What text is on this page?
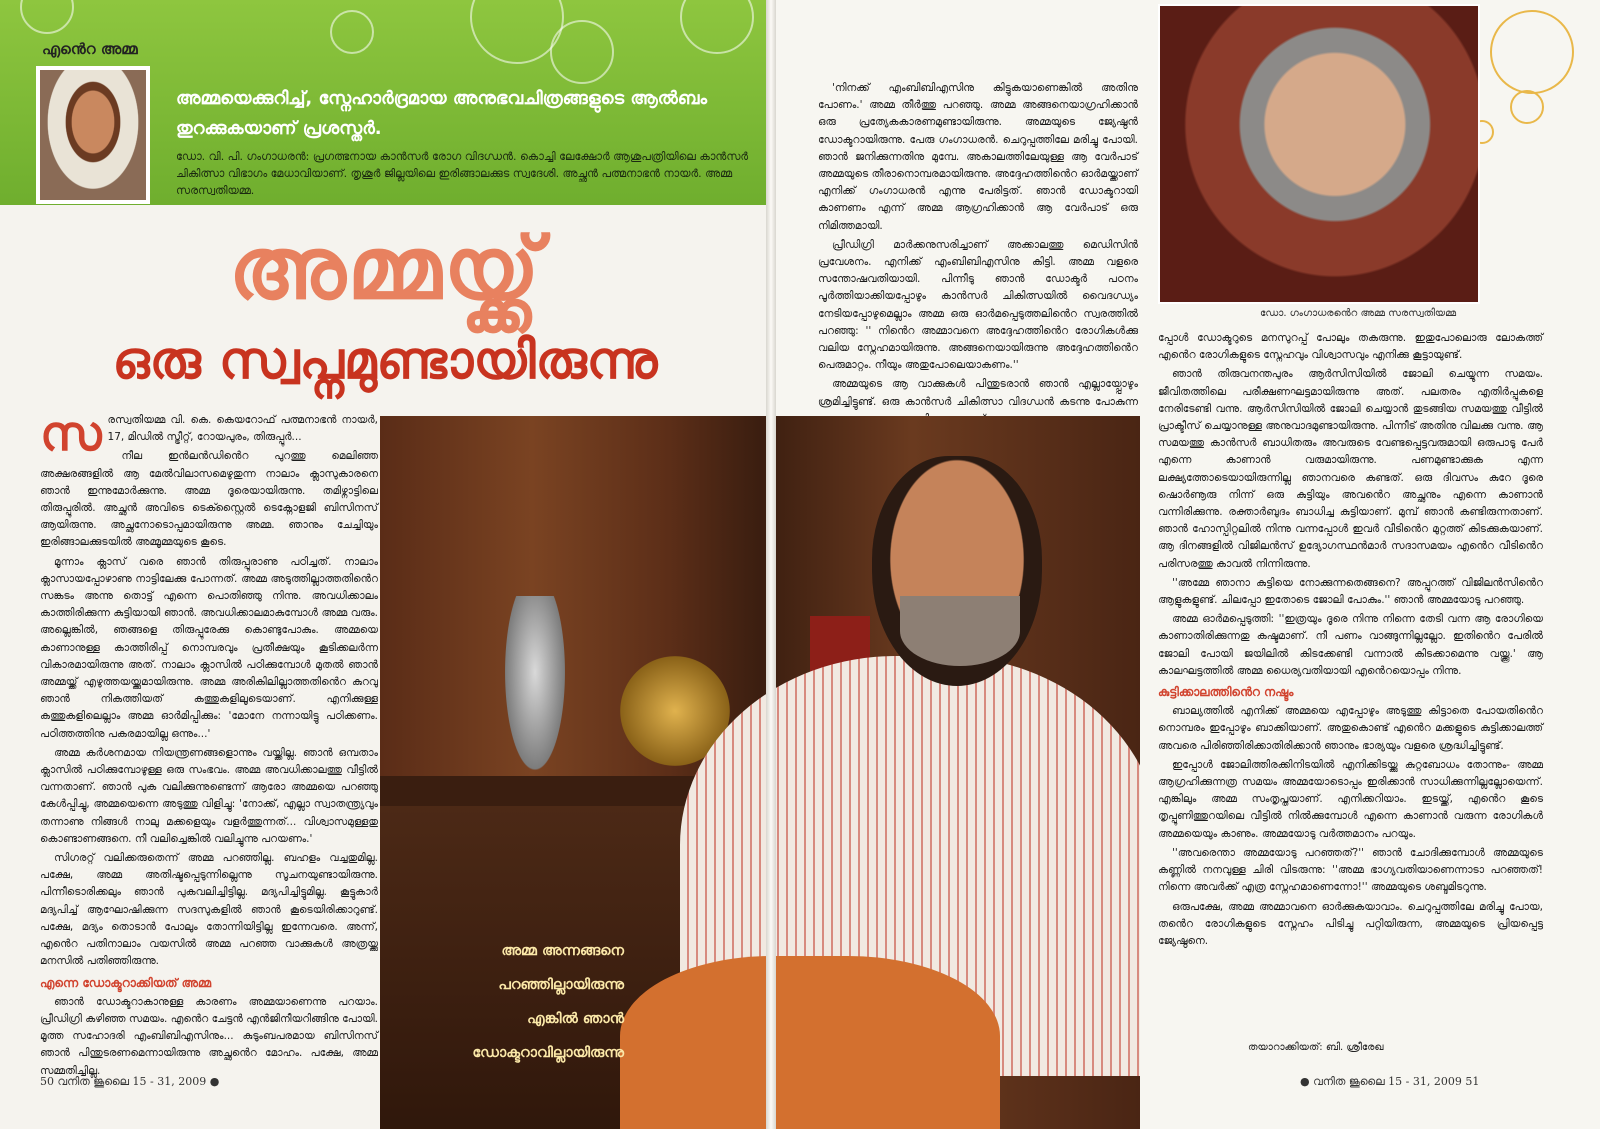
എൻെറ അമ്മ
അമ്മയെക്കുറിച്ച്, സ്നേഹാർദ്രമായ അനുഭവചിത്രങ്ങളുടെ ആൽബം തുറക്കുകയാണ് പ്രശസ്തർ.
ഡോ. വി. പി. ഗംഗാധരൻ: പ്രഗത്ഭനായ കാൻസർ രോഗ വിദഗ്ധൻ. കൊച്ചി ലേക്ഷോർ ആശുപത്രിയിലെ കാൻസർ ചികിത്സാ വിഭാഗം മേധാവിയാണ്. തൃശൂർ ജില്ലയിലെ ഇരിങ്ങാലക്കുട സ്വദേശി. അച്ഛൻ പത്മനാഭൻ നായർ. അമ്മ സരസ്വതിയമ്മ.
അമ്മയ്ക്ക്
ഒരു സ്വപ്നമുണ്ടായിരുന്നു
സ രസ്വതിയമ്മ വി. കെ. കെയറോഫ് പത്മനാഭൻ നായർ, 17, മിഡിൽ സ്ട്രീറ്റ്, റോയപുരം, തിരുപ്പൂർ...

നീല ഇൻലൻഡിൻെറ പുറത്തു മെലിഞ്ഞ അക്ഷരങ്ങളിൽ ആ മേൽവിലാസമെഴുതുന്ന നാലാം ക്ലാസുകാരനെ ഞാൻ ഇന്നുമോർക്കുന്നു. അമ്മ ദൂരെയായിരുന്നു. തമിഴ്നാട്ടിലെ തിരുപ്പൂരിൽ. അച്ഛൻ അവിടെ ടെക്സ്റ്റൈൽ ടെക്നോളജി ബിസിനസ് ആയിരുന്നു. അച്ഛനോടൊപ്പമായിരുന്നു അമ്മ. ഞാനും ചേച്ചിയും ഇരിങ്ങാലക്കുടയിൽ അമ്മൂമ്മയുടെ കൂടെ.

മൂന്നാം ക്ലാസ് വരെ ഞാൻ തിരുപ്പൂരാണു പഠിച്ചത്. നാലാം ക്ലാസായപ്പോഴാണു നാട്ടിലേക്കു പോന്നത്. അമ്മ അടുത്തില്ലാത്തതിൻെറ സങ്കടം അന്നു തൊട്ട് എന്നെ പൊതിഞ്ഞു നിന്നു. അവധിക്കാലം കാത്തിരിക്കുന്ന കുട്ടിയായി ഞാൻ. അവധിക്കാലമാകുമ്പോൾ അമ്മ വരും. അല്ലെങ്കിൽ, ഞങ്ങളെ തിരുപ്പൂരേക്കു കൊണ്ടുപോകും. അമ്മയെ കാണാനുള്ള കാത്തിരിപ്പ് നൊമ്പരവും പ്രതീക്ഷയും കൂടിക്കലർന്ന വികാരമായിരുന്നു അത്. നാലാം ക്ലാസിൽ പഠിക്കുമ്പോൾ മുതൽ ഞാൻ അമ്മയ്ക്ക് എഴുത്തയയ്ക്കുമായിരുന്നു. അമ്മ അരികിലില്ലാത്തതിൻെറ കുറവു ഞാൻ നികത്തിയത് കത്തുകളിലൂടെയാണ്. എനിക്കുള്ള കത്തുകളിലെല്ലാം അമ്മ ഓർമിപ്പിക്കും: 'മോനേ നന്നായിട്ടു പഠിക്കണം. പഠിത്തത്തിനു പകരമായില്ല ഒന്നും...'

അമ്മ കർശനമായ നിയന്ത്രണങ്ങളൊന്നും വയ്ക്കില്ല. ഞാൻ ഒമ്പതാം ക്ലാസിൽ പഠിക്കുമ്പോഴുള്ള ഒരു സംഭവം. അമ്മ അവധിക്കാലത്തു വീട്ടിൽ വന്നതാണ്. ഞാൻ പുക വലിക്കുന്നുണ്ടെന്ന് ആരോ അമ്മയെ പറഞ്ഞു കേൾപ്പിച്ചു, അമ്മയെന്നെ അടുത്തു വിളിച്ചു: 'നോക്ക്, എല്ലാ സ്വാതന്ത്ര്യവും തന്നാണു നിങ്ങൾ നാലു മക്കളെയും വളർത്തുന്നത്... വിശ്വാസമുള്ളതു കൊണ്ടാണങ്ങനെ. നീ വലിച്ചെങ്കിൽ വലിച്ചുന്നു പറയണം.'

സിഗരറ്റ് വലിക്കരുതെന്ന് അമ്മ പറഞ്ഞില്ല. ബഹളം വച്ചതുമില്ല. പക്ഷേ, അമ്മ അതിഷ്ടപ്പെടുന്നില്ലെന്നു സൂചനയുണ്ടായിരുന്നു. പിന്നീടൊരിക്കലും ഞാൻ പുകവലിച്ചിട്ടില്ല. മദ്യപിച്ചിട്ടുമില്ല. കൂട്ടുകാർ മദ്യപിച്ച് ആഘോഷിക്കുന്ന സദസുകളിൽ ഞാൻ കൂടെയിരിക്കാറുണ്ട്. പക്ഷേ, മദ്യം തൊടാൻ പോലും തോന്നിയിട്ടില്ല ഇന്നേവരെ. അന്ന്, എൻെറ പതിനാലാം വയസിൽ അമ്മ പറഞ്ഞ വാക്കുകൾ അത്രയ്ക്കു മനസിൽ പതിഞ്ഞിരുന്നു.

എന്നെ ഡോക്ടറാക്കിയത് അമ്മ

ഞാൻ ഡോക്ടറാകാനുള്ള കാരണം അമ്മയാണെന്നു പറയാം. പ്രീഡിഗ്രി കഴിഞ്ഞ സമയം. എൻെറ ചേട്ടൻ എൻജിനീയറിങ്ങിനു പോയി. മൂത്ത സഹോദരി എംബിബിഎസിനും... കുടുംബപരമായ ബിസിനസ് ഞാൻ പിന്തുടരണമെന്നായിരുന്നു അച്ഛൻെറ മോഹം. പക്ഷേ, അമ്മ സമ്മതിച്ചില്ല.

50 വനിത ജൂലൈ 15 - 31, 2009 ●
അമ്മ അന്നങ്ങനെ
പറഞ്ഞില്ലായിരുന്നു
എങ്കിൽ ഞാൻ
ഡോക്ടറാവില്ലായിരുന്നു

'നിനക്ക് എംബിബിഎസിനു കിട്ടുകയാണെങ്കിൽ അതിനു പോണം.' അമ്മ തീർത്തു പറഞ്ഞു. അമ്മ അങ്ങനെയാഗ്രഹിക്കാൻ ഒരു പ്രത്യേകകാരണമുണ്ടായിരുന്നു. അമ്മയുടെ ജ്യേഷ്ഠൻ ഡോക്ടറായിരുന്നു. പേരു ഗംഗാധരൻ. ചെറുപ്പത്തിലേ മരിച്ചു പോയി. ഞാൻ ജനിക്കുന്നതിനു മുമ്പേ. അകാലത്തിലേയുള്ള ആ വേർപാട് അമ്മയുടെ തീരാനൊമ്പരമായിരുന്നു. അദ്ദേഹത്തിൻെറ ഓർമയ്ക്കാണ് എനിക്ക് ഗംഗാധരൻ എന്നു പേരിട്ടത്. ഞാൻ ഡോക്ടറായി കാണണം എന്ന് അമ്മ ആഗ്രഹിക്കാൻ ആ വേർപാട് ഒരു നിമിത്തമായി.

പ്രീഡിഗ്രി മാർക്കനുസരിച്ചാണ് അക്കാലത്തു മെഡിസിൻ പ്രവേശനം. എനിക്ക് എംബിബിഎസിനു കിട്ടി. അമ്മ വളരെ സന്തോഷവതിയായി. പിന്നീടു ഞാൻ ഡോക്ടർ പഠനം പൂർത്തിയാക്കിയപ്പോഴും കാൻസർ ചികിത്സയിൽ വൈദഗ്ധ്യം നേടിയപ്പോഴുമെല്ലാം അമ്മ ഒരു ഓർമപ്പെടുത്തലിൻെറ സ്വരത്തിൽ പറഞ്ഞു: '' നിൻെറ അമ്മാവനെ അദ്ദേഹത്തിൻെറ രോഗികൾക്കു വലിയ സ്നേഹമായിരുന്നു. അങ്ങനെയായിരുന്നു അദ്ദേഹത്തിൻെറ പെരുമാറ്റം. നീയും അതുപോലെയാകണം.''

അമ്മയുടെ ആ വാക്കുകൾ പിന്തുടരാൻ ഞാൻ എല്ലായ്പ്പോഴും ശ്രമിച്ചിട്ടുണ്ട്. ഒരു കാൻസർ ചികിത്സാ വിദഗ്ധൻ കടന്നു പോകുന്ന

ഡോ. ഗംഗാധരൻെറ അമ്മ സരസ്വതിയമ്മ

പ്പോൾ ഡോക്ടറുടെ മനസുറപ്പ് പോലും തകരുന്നു. ഇതുപോലൊരു ലോകത്ത് എൻെറ രോഗികളുടെ സ്നേഹവും വിശ്വാസവും എനിക്കു കൂട്ടായുണ്ട്.

ഞാൻ തിരുവനന്തപുരം ആർസിസിയിൽ ജോലി ചെയ്യുന്ന സമയം. ജീവിതത്തിലെ പരീക്ഷണഘട്ടമായിരുന്നു അത്. പലതരം എതിർപ്പുകളെ നേരിടേണ്ടി വന്നു. ആർസിസിയിൽ ജോലി ചെയ്യാൻ തുടങ്ങിയ സമയത്തു വീട്ടിൽ പ്രാക്ടീസ് ചെയ്യാനുള്ള അനുവാദമുണ്ടായിരുന്നു. പിന്നീട് അതിനു വിലക്കു വന്നു. ആ സമയത്തു കാൻസർ ബാധിതരും അവരുടെ വേണ്ടപ്പെട്ടവരുമായി ഒരുപാടു പേർ എന്നെ കാണാൻ വരുമായിരുന്നു. പണമുണ്ടാക്കുക എന്ന ലക്ഷ്യത്തോടെയായിരുന്നില്ല ഞാനവരെ കണ്ടത്. ഒരു ദിവസം കുറേ ദൂരെ ഷൊർണൂരു നിന്ന് ഒരു കുട്ടിയും അവൻെറ അച്ഛനും എന്നെ കാണാൻ വന്നിരിക്കുന്നു. രക്താർബുദം ബാധിച്ച കുട്ടിയാണ്. മുമ്പ് ഞാൻ കണ്ടിരുന്നതാണ്. ഞാൻ ഹോസ്പിറ്റലിൽ നിന്നു വന്നപ്പോൾ ഇവർ വീടിൻെറ മുറ്റത്ത് കിടക്കുകയാണ്. ആ ദിനങ്ങളിൽ വിജിലൻസ് ഉദ്യോഗസ്ഥൻമാർ സദാസമയം എൻെറ വീടിൻെറ പരിസരത്തു കാവൽ നിന്നിരുന്നു.

''അമ്മേ ഞാനാ കുട്ടിയെ നോക്കുന്നതെങ്ങനെ? അപ്പുറത്ത് വിജിലൻസിൻെറ ആളുകളുണ്ട്. ചിലപ്പോ ഇതോടെ ജോലി പോകും.'' ഞാൻ അമ്മയോടു പറഞ്ഞു.

അമ്മ ഓർമപ്പെടുത്തി: ''ഇത്രയും ദൂരെ നിന്നു നിന്നെ തേടി വന്ന ആ രോഗിയെ കാണാതിരിക്കുന്നതു കഷ്ടമാണ്. നീ പണം വാങ്ങുന്നില്ലല്ലോ. ഇതിൻെറ പേരിൽ ജോലി പോയി ജയിലിൽ കിടക്കേണ്ടി വന്നാൽ കിടക്കാമെന്നു വയ്ക്കൂ.' ആ കാലഘട്ടത്തിൽ അമ്മ ധൈര്യവതിയായി എൻെറയൊപ്പം നിന്നു.

കുട്ടിക്കാലത്തിൻെറ നഷ്ടം

ബാല്യത്തിൽ എനിക്ക് അമ്മയെ എപ്പോഴും അടുത്തു കിട്ടാതെ പോയതിൻെറ നൊമ്പരം ഇപ്പോഴും ബാക്കിയാണ്. അതുകൊണ്ട് എൻെറ മക്കളുടെ കുട്ടിക്കാലത്ത് അവരെ പിരിഞ്ഞിരിക്കാതിരിക്കാൻ ഞാനും ഭാര്യയും വളരെ ശ്രദ്ധിച്ചിട്ടുണ്ട്.

ഇപ്പോൾ ജോലിത്തിരക്കിനിടയിൽ എനിക്കിടയ്ക്കു കുറ്റബോധം തോന്നും- അമ്മ ആഗ്രഹിക്കുന്നത്ര സമയം അമ്മയോടൊപ്പം ഇരിക്കാൻ സാധിക്കുന്നില്ലല്ലോയെന്ന്. എങ്കിലും അമ്മ സംതൃപ്തയാണ്. എനിക്കറിയാം. ഇടയ്ക്ക്, എൻെറ കൂടെ തൃപ്പൂണിത്തുറയിലെ വീട്ടിൽ നിൽക്കുമ്പോൾ എന്നെ കാണാൻ വരുന്ന രോഗികൾ അമ്മയെയും കാണും. അമ്മയോടു വർത്തമാനം പറയും.

''അവരെന്താ അമ്മയോടു പറഞ്ഞത്?'' ഞാൻ ചോദിക്കുമ്പോൾ അമ്മയുടെ കണ്ണിൽ നനവുള്ള ചിരി വിടരുന്നു: ''അമ്മ ഭാഗ്യവതിയാണെന്നാടാ പറഞ്ഞത്! നിന്നെ അവർക്ക് എത്ര സ്നേഹമാണെന്നോ!'' അമ്മയുടെ ശബ്ദമിടറുന്നു.

ഒരുപക്ഷേ, അമ്മ അമ്മാവനെ ഓർക്കുകയാവാം. ചെറുപ്പത്തിലേ മരിച്ചു പോയ, തൻെറ രോഗികളുടെ സ്നേഹം പിടിച്ചു പറ്റിയിരുന്ന, അമ്മയുടെ പ്രിയപ്പെട്ട ജ്യേഷ്ഠനെ.

തയാറാക്കിയത്: ബി. ശ്രീരേഖ
● വനിത ജൂലൈ 15 - 31, 2009 51
